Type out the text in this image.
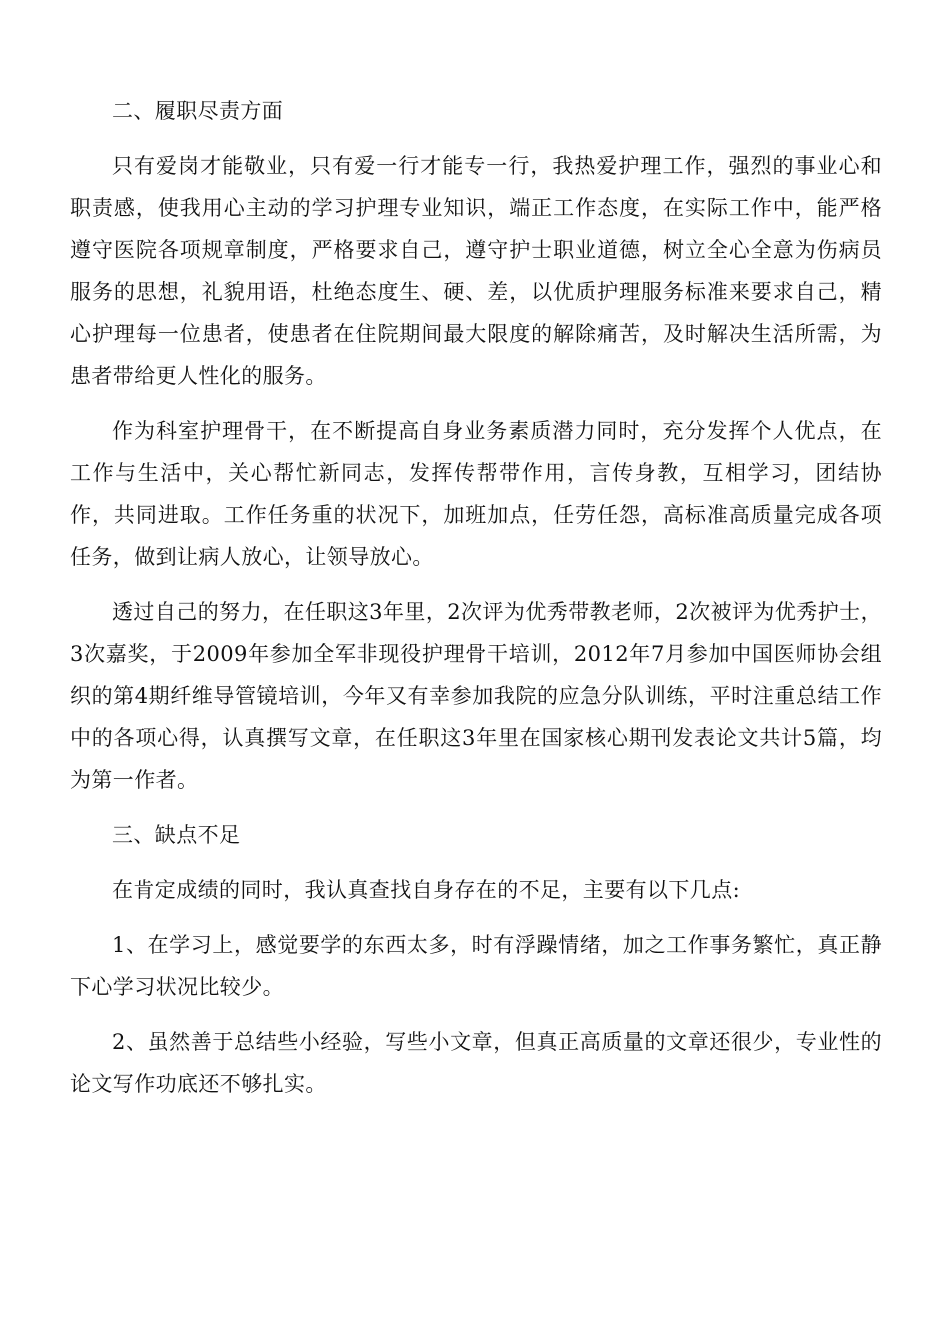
二、履职尽责方面

只有爱岗才能敬业，只有爱一行才能专一行，我热爱护理工作，强烈的事业心和职责感，使我用心主动的学习护理专业知识，端正工作态度，在实际工作中，能严格遵守医院各项规章制度，严格要求自己，遵守护士职业道德，树立全心全意为伤病员服务的思想，礼貌用语，杜绝态度生、硬、差，以优质护理服务标准来要求自己，精心护理每一位患者，使患者在住院期间最大限度的解除痛苦，及时解决生活所需，为患者带给更人性化的服务。

作为科室护理骨干，在不断提高自身业务素质潜力同时，充分发挥个人优点，在工作与生活中，关心帮忙新同志，发挥传帮带作用，言传身教，互相学习，团结协作，共同进取。工作任务重的状况下，加班加点，任劳任怨，高标准高质量完成各项任务，做到让病人放心，让领导放心。

透过自己的努力，在任职这3年里，2次评为优秀带教老师，2次被评为优秀护士，3次嘉奖，于2009年参加全军非现役护理骨干培训，2012年7月参加中国医师协会组织的第4期纤维导管镜培训，今年又有幸参加我院的应急分队训练，平时注重总结工作中的各项心得，认真撰写文章，在任职这3年里在国家核心期刊发表论文共计5篇，均为第一作者。

三、缺点不足

在肯定成绩的同时，我认真查找自身存在的不足，主要有以下几点:

1、在学习上，感觉要学的东西太多，时有浮躁情绪，加之工作事务繁忙，真正静下心学习状况比较少。

2、虽然善于总结些小经验，写些小文章，但真正高质量的文章还很少，专业性的论文写作功底还不够扎实。
